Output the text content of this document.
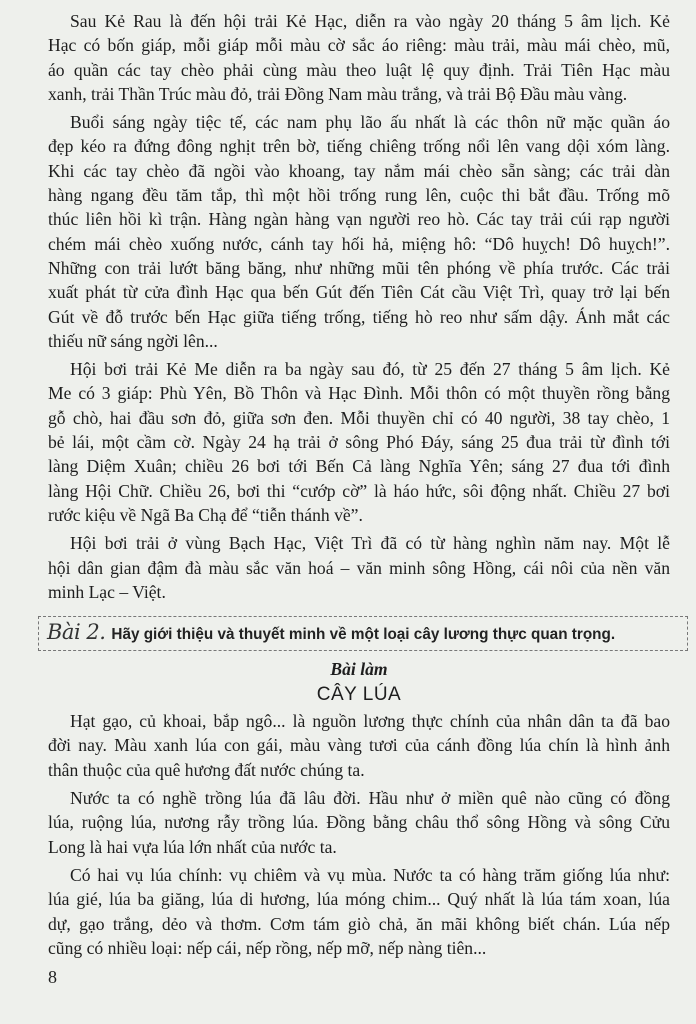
Sau Kẻ Rau là đến hội trải Kẻ Hạc, diễn ra vào ngày 20 tháng 5 âm lịch. Kẻ
Hạc có bốn giáp, mỗi giáp mỗi màu cờ sắc áo riêng: màu trải, màu mái chèo, mũ,
áo quần các tay chèo phải cùng màu theo luật lệ quy định. Trải Tiên Hạc màu
xanh, trải Thần Trúc màu đỏ, trải Đồng Nam màu trắng, và trải Bộ Đầu màu vàng.
Buổi sáng ngày tiệc tế, các nam phụ lão ấu nhất là các thôn nữ mặc quần áo
đẹp kéo ra đứng đông nghịt trên bờ, tiếng chiêng trống nổi lên vang dội xóm làng.
Khi các tay chèo đã ngồi vào khoang, tay nắm mái chèo sẵn sàng; các trải dàn
hàng ngang đều tăm tắp, thì một hồi trống rung lên, cuộc thi bắt đầu. Trống mõ
thúc liên hồi kì trận. Hàng ngàn hàng vạn người reo hò. Các tay trải cúi rạp người
chém mái chèo xuống nước, cánh tay hối hả, miệng hô: “Dô huỵch! Dô huỵch!”.
Những con trải lướt băng băng, như những mũi tên phóng về phía trước. Các trải
xuất phát từ cửa đình Hạc qua bến Gút đến Tiên Cát cầu Việt Trì, quay trở lại bến
Gút về đỗ trước bến Hạc giữa tiếng trống, tiếng hò reo như sấm dậy. Ánh mắt các
thiếu nữ sáng ngời lên...
Hội bơi trải Kẻ Me diễn ra ba ngày sau đó, từ 25 đến 27 tháng 5 âm lịch. Kẻ
Me có 3 giáp: Phù Yên, Bồ Thôn và Hạc Đình. Mỗi thôn có một thuyền rồng bằng
gỗ chò, hai đầu sơn đỏ, giữa sơn đen. Mỗi thuyền chỉ có 40 người, 38 tay chèo, 1
bẻ lái, một cầm cờ. Ngày 24 hạ trải ở sông Phó Đáy, sáng 25 đua trải từ đình tới
làng Diệm Xuân; chiều 26 bơi tới Bến Cả làng Nghĩa Yên; sáng 27 đua tới đình
làng Hội Chữ. Chiều 26, bơi thi “cướp cờ” là háo hức, sôi động nhất. Chiều 27 bơi
rước kiệu về Ngã Ba Chạ để “tiễn thánh về”.
Hội bơi trải ở vùng Bạch Hạc, Việt Trì đã có từ hàng nghìn năm nay. Một lễ
hội dân gian đậm đà màu sắc văn hoá – văn minh sông Hồng, cái nôi của nền văn
minh Lạc – Việt.
Bài 2. Hãy giới thiệu và thuyết minh về một loại cây lương thực quan trọng.
Bài làm
CÂY LÚA
Hạt gạo, củ khoai, bắp ngô... là nguồn lương thực chính của nhân dân ta đã bao
đời nay. Màu xanh lúa con gái, màu vàng tươi của cánh đồng lúa chín là hình ảnh
thân thuộc của quê hương đất nước chúng ta.
Nước ta có nghề trồng lúa đã lâu đời. Hầu như ở miền quê nào cũng có đồng
lúa, ruộng lúa, nương rẫy trồng lúa. Đồng bằng châu thổ sông Hồng và sông Cửu
Long là hai vựa lúa lớn nhất của nước ta.
Có hai vụ lúa chính: vụ chiêm và vụ mùa. Nước ta có hàng trăm giống lúa như:
lúa gié, lúa ba giăng, lúa di hương, lúa móng chim... Quý nhất là lúa tám xoan, lúa
dự, gạo trắng, dẻo và thơm. Cơm tám giò chả, ăn mãi không biết chán. Lúa nếp
cũng có nhiều loại: nếp cái, nếp rồng, nếp mỡ, nếp nàng tiên...
8
